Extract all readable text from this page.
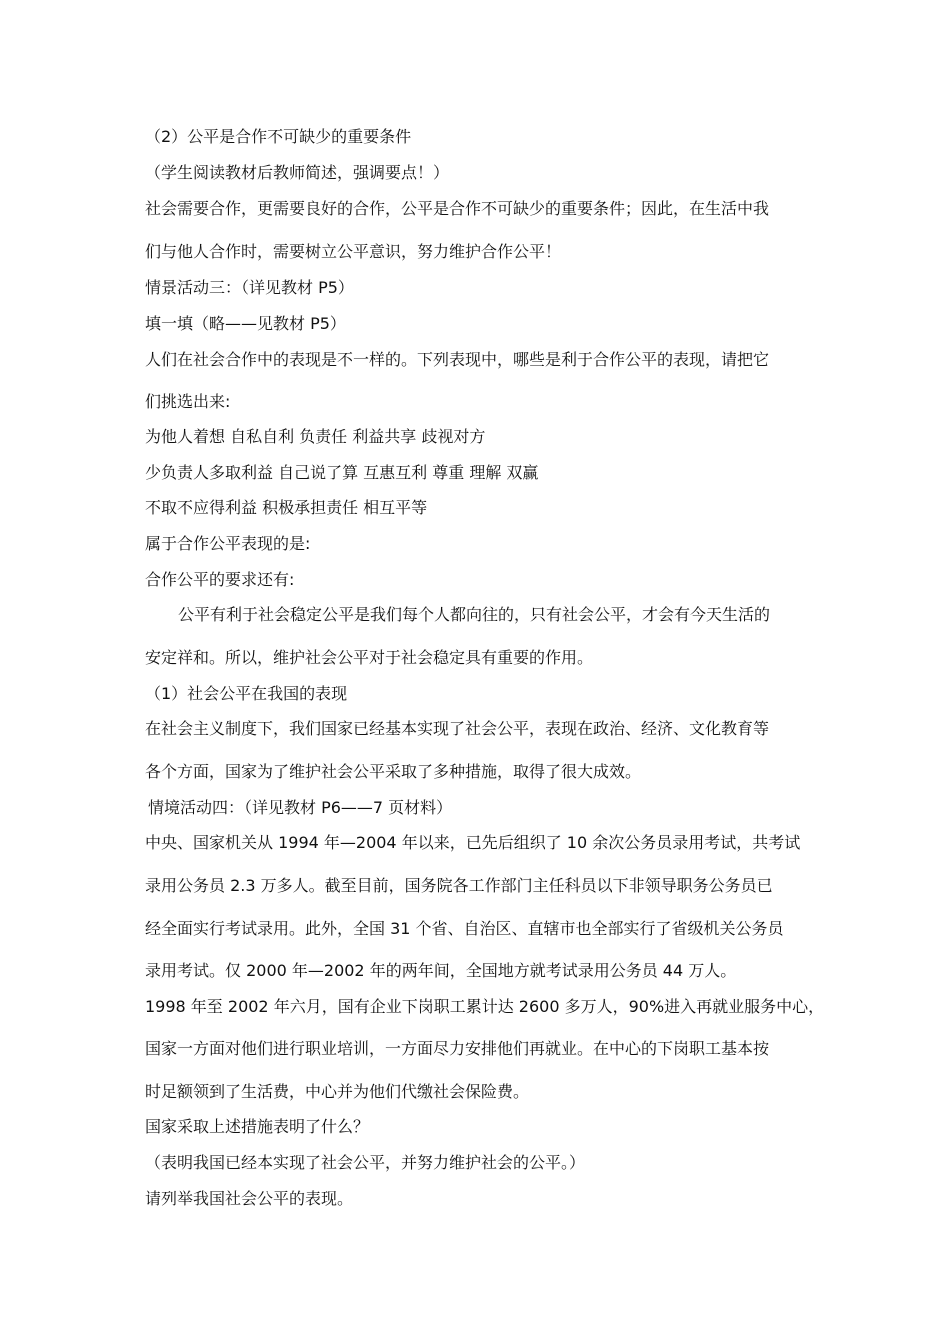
（2）公平是合作不可缺少的重要条件
（学生阅读教材后教师简述，强调要点！）
社会需要合作，更需要良好的合作，公平是合作不可缺少的重要条件；因此，在生活中我
们与他人合作时，需要树立公平意识，努力维护合作公平！
情景活动三：（详见教材 P5）
填一填（略——见教材 P5）
人们在社会合作中的表现是不一样的。下列表现中，哪些是利于合作公平的表现，请把它
们挑选出来:
为他人着想 自私自利 负责任 利益共享 歧视对方
少负责人多取利益 自己说了算 互惠互利 尊重 理解 双赢
不取不应得利益 积极承担责任 相互平等
属于合作公平表现的是:
合作公平的要求还有:
公平有利于社会稳定公平是我们每个人都向往的，只有社会公平，才会有今天生活的
安定祥和。所以，维护社会公平对于社会稳定具有重要的作用。
（1）社会公平在我国的表现
在社会主义制度下，我们国家已经基本实现了社会公平，表现在政治、经济、文化教育等
各个方面，国家为了维护社会公平采取了多种措施，取得了很大成效。
情境活动四：（详见教材 P6——7 页材料）
中央、国家机关从 1994 年—2004 年以来，已先后组织了 10 余次公务员录用考试，共考试
录用公务员 2.3 万多人。截至目前，国务院各工作部门主任科员以下非领导职务公务员已
经全面实行考试录用。此外，全国 31 个省、自治区、直辖市也全部实行了省级机关公务员
录用考试。仅 2000 年—2002 年的两年间，全国地方就考试录用公务员 44 万人。
1998 年至 2002 年六月，国有企业下岗职工累计达 2600 多万人，90%进入再就业服务中心，
国家一方面对他们进行职业培训，一方面尽力安排他们再就业。在中心的下岗职工基本按
时足额领到了生活费，中心并为他们代缴社会保险费。
国家采取上述措施表明了什么？
（表明我国已经本实现了社会公平，并努力维护社会的公平。）
请列举我国社会公平的表现。
